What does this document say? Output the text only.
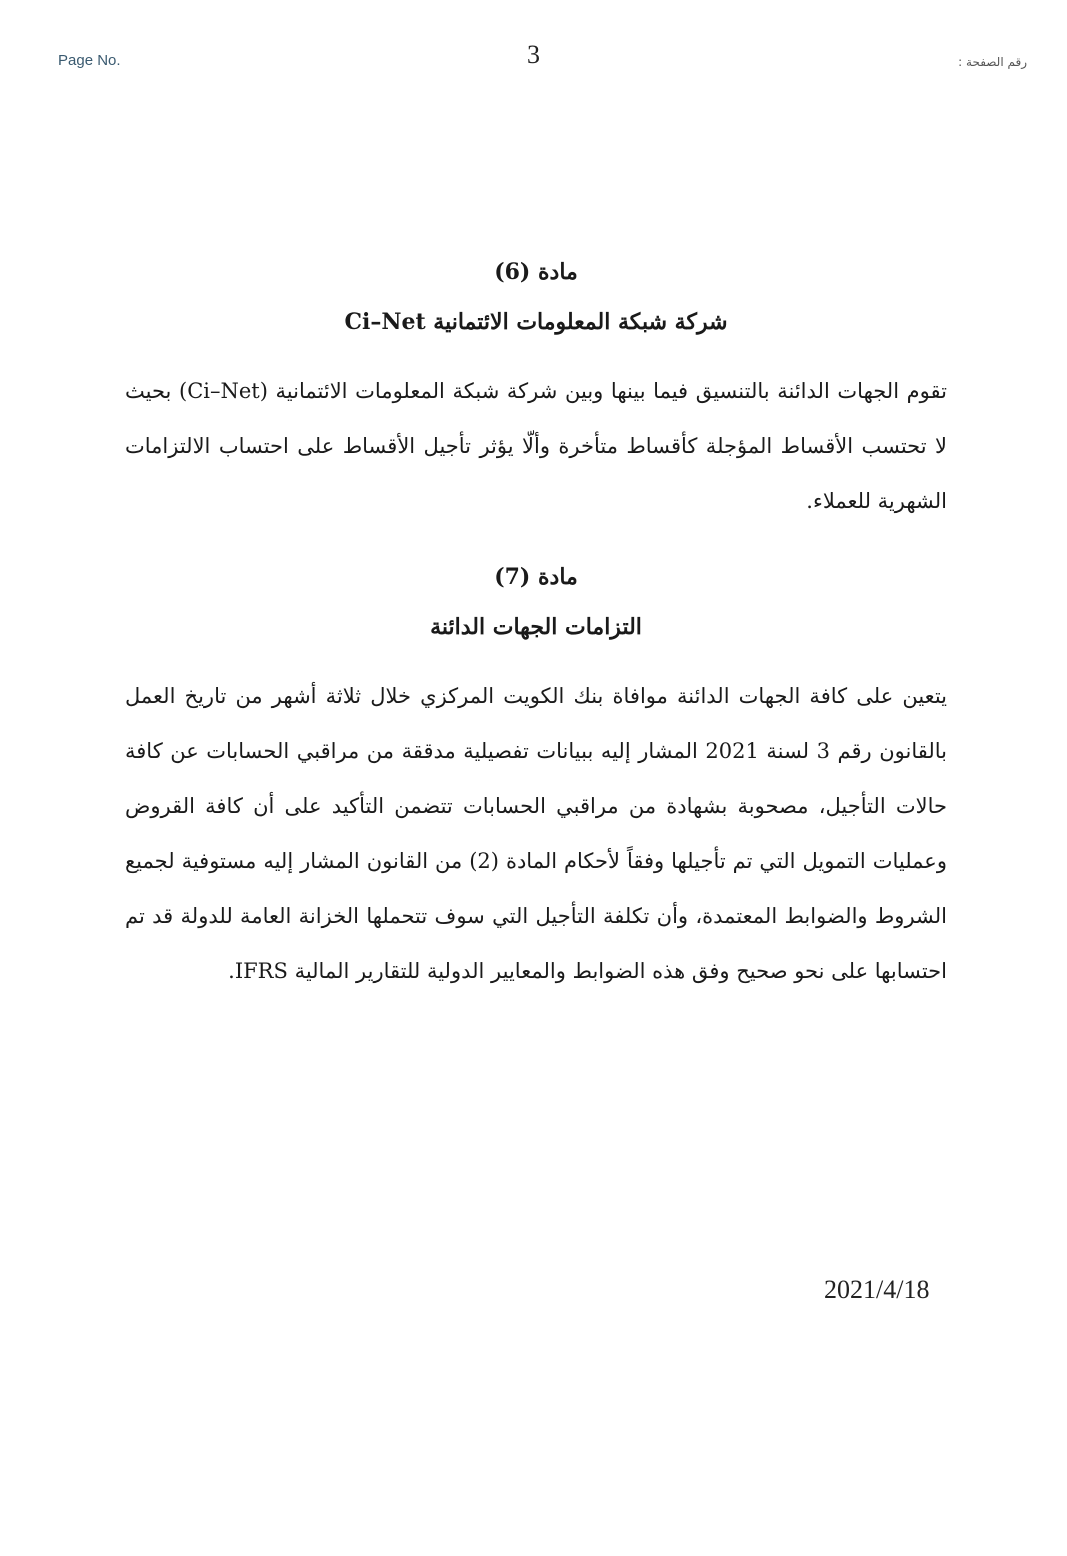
Page No.	3	رقم الصفحة :
مادة (6)
شركة شبكة المعلومات الائتمانية Ci–Net

تقوم الجهات الدائنة بالتنسيق فيما بينها وبين شركة شبكة المعلومات الائتمانية (Ci–Net) بحيث لا تحتسب الأقساط المؤجلة كأقساط متأخرة وألّا يؤثر تأجيل الأقساط على احتساب الالتزامات الشهرية للعملاء.

مادة (7)
التزامات الجهات الدائنة

يتعين على كافة الجهات الدائنة موافاة بنك الكويت المركزي خلال ثلاثة أشهر من تاريخ العمل بالقانون رقم 3 لسنة 2021 المشار إليه ببيانات تفصيلية مدققة من مراقبي الحسابات عن كافة حالات التأجيل، مصحوبة بشهادة من مراقبي الحسابات تتضمن التأكيد على أن كافة القروض وعمليات التمويل التي تم تأجيلها وفقاً لأحكام المادة (2) من القانون المشار إليه مستوفية لجميع الشروط والضوابط المعتمدة، وأن تكلفة التأجيل التي سوف تتحملها الخزانة العامة للدولة قد تم احتسابها على نحو صحيح وفق هذه الضوابط والمعايير الدولية للتقارير المالية IFRS.

2021/4/18
